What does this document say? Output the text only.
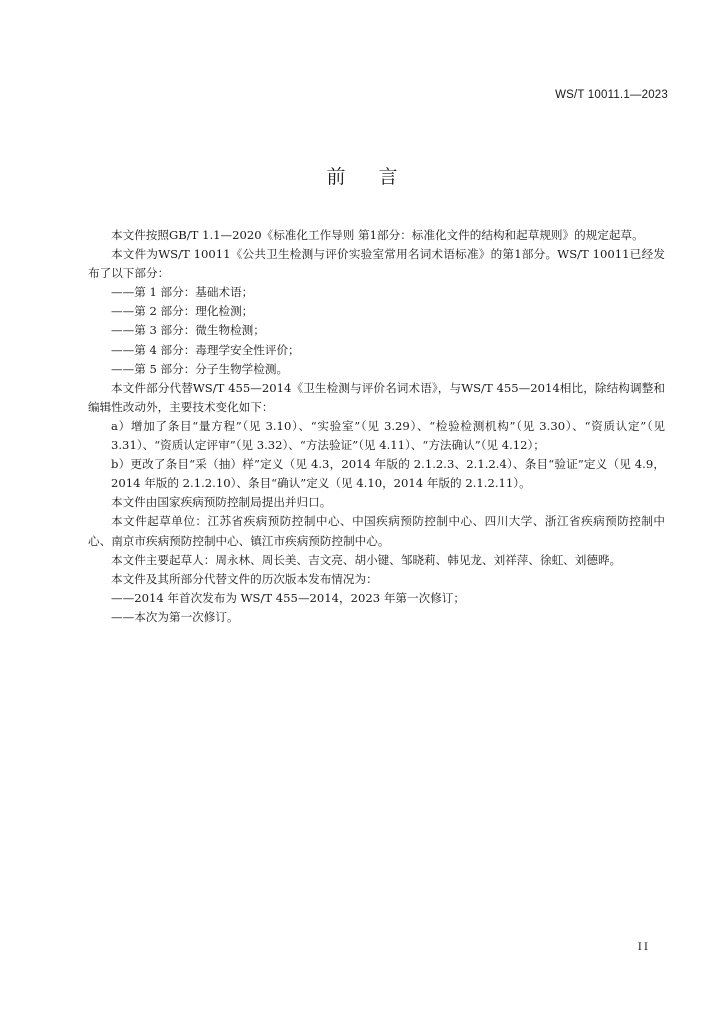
WS/T 10011.1—2023
前言

本文件按照GB/T 1.1—2020《标准化工作导则 第1部分：标准化文件的结构和起草规则》的规定起草。

本文件为WS/T 10011《公共卫生检测与评价实验室常用名词术语标准》的第1部分。WS/T 10011已经发布了以下部分：

——第 1 部分：基础术语；

——第 2 部分：理化检测；

——第 3 部分：微生物检测；

——第 4 部分：毒理学安全性评价；

——第 5 部分：分子生物学检测。

本文件部分代替WS/T 455—2014《卫生检测与评价名词术语》，与WS/T 455—2014相比，除结构调整和编辑性改动外，主要技术变化如下：

a）增加了条目“量方程”（见 3.10）、“实验室”（见 3.29）、“检验检测机构”（见 3.30）、“资质认定”（见 3.31）、“资质认定评审”（见 3.32）、“方法验证”（见 4.11）、“方法确认”（见 4.12）；

b）更改了条目“采（抽）样”定义（见 4.3，2014 年版的 2.1.2.3、2.1.2.4）、条目“验证”定义（见 4.9，2014 年版的 2.1.2.10）、条目“确认”定义（见 4.10，2014 年版的 2.1.2.11）。

本文件由国家疾病预防控制局提出并归口。

本文件起草单位：江苏省疾病预防控制中心、中国疾病预防控制中心、四川大学、浙江省疾病预防控制中心、南京市疾病预防控制中心、镇江市疾病预防控制中心。

本文件主要起草人：周永林、周长美、吉文亮、胡小键、邹晓莉、韩见龙、刘祥萍、徐虹、刘德晔。

本文件及其所部分代替文件的历次版本发布情况为：

——2014 年首次发布为 WS/T 455—2014，2023 年第一次修订；

——本次为第一次修订。

II
